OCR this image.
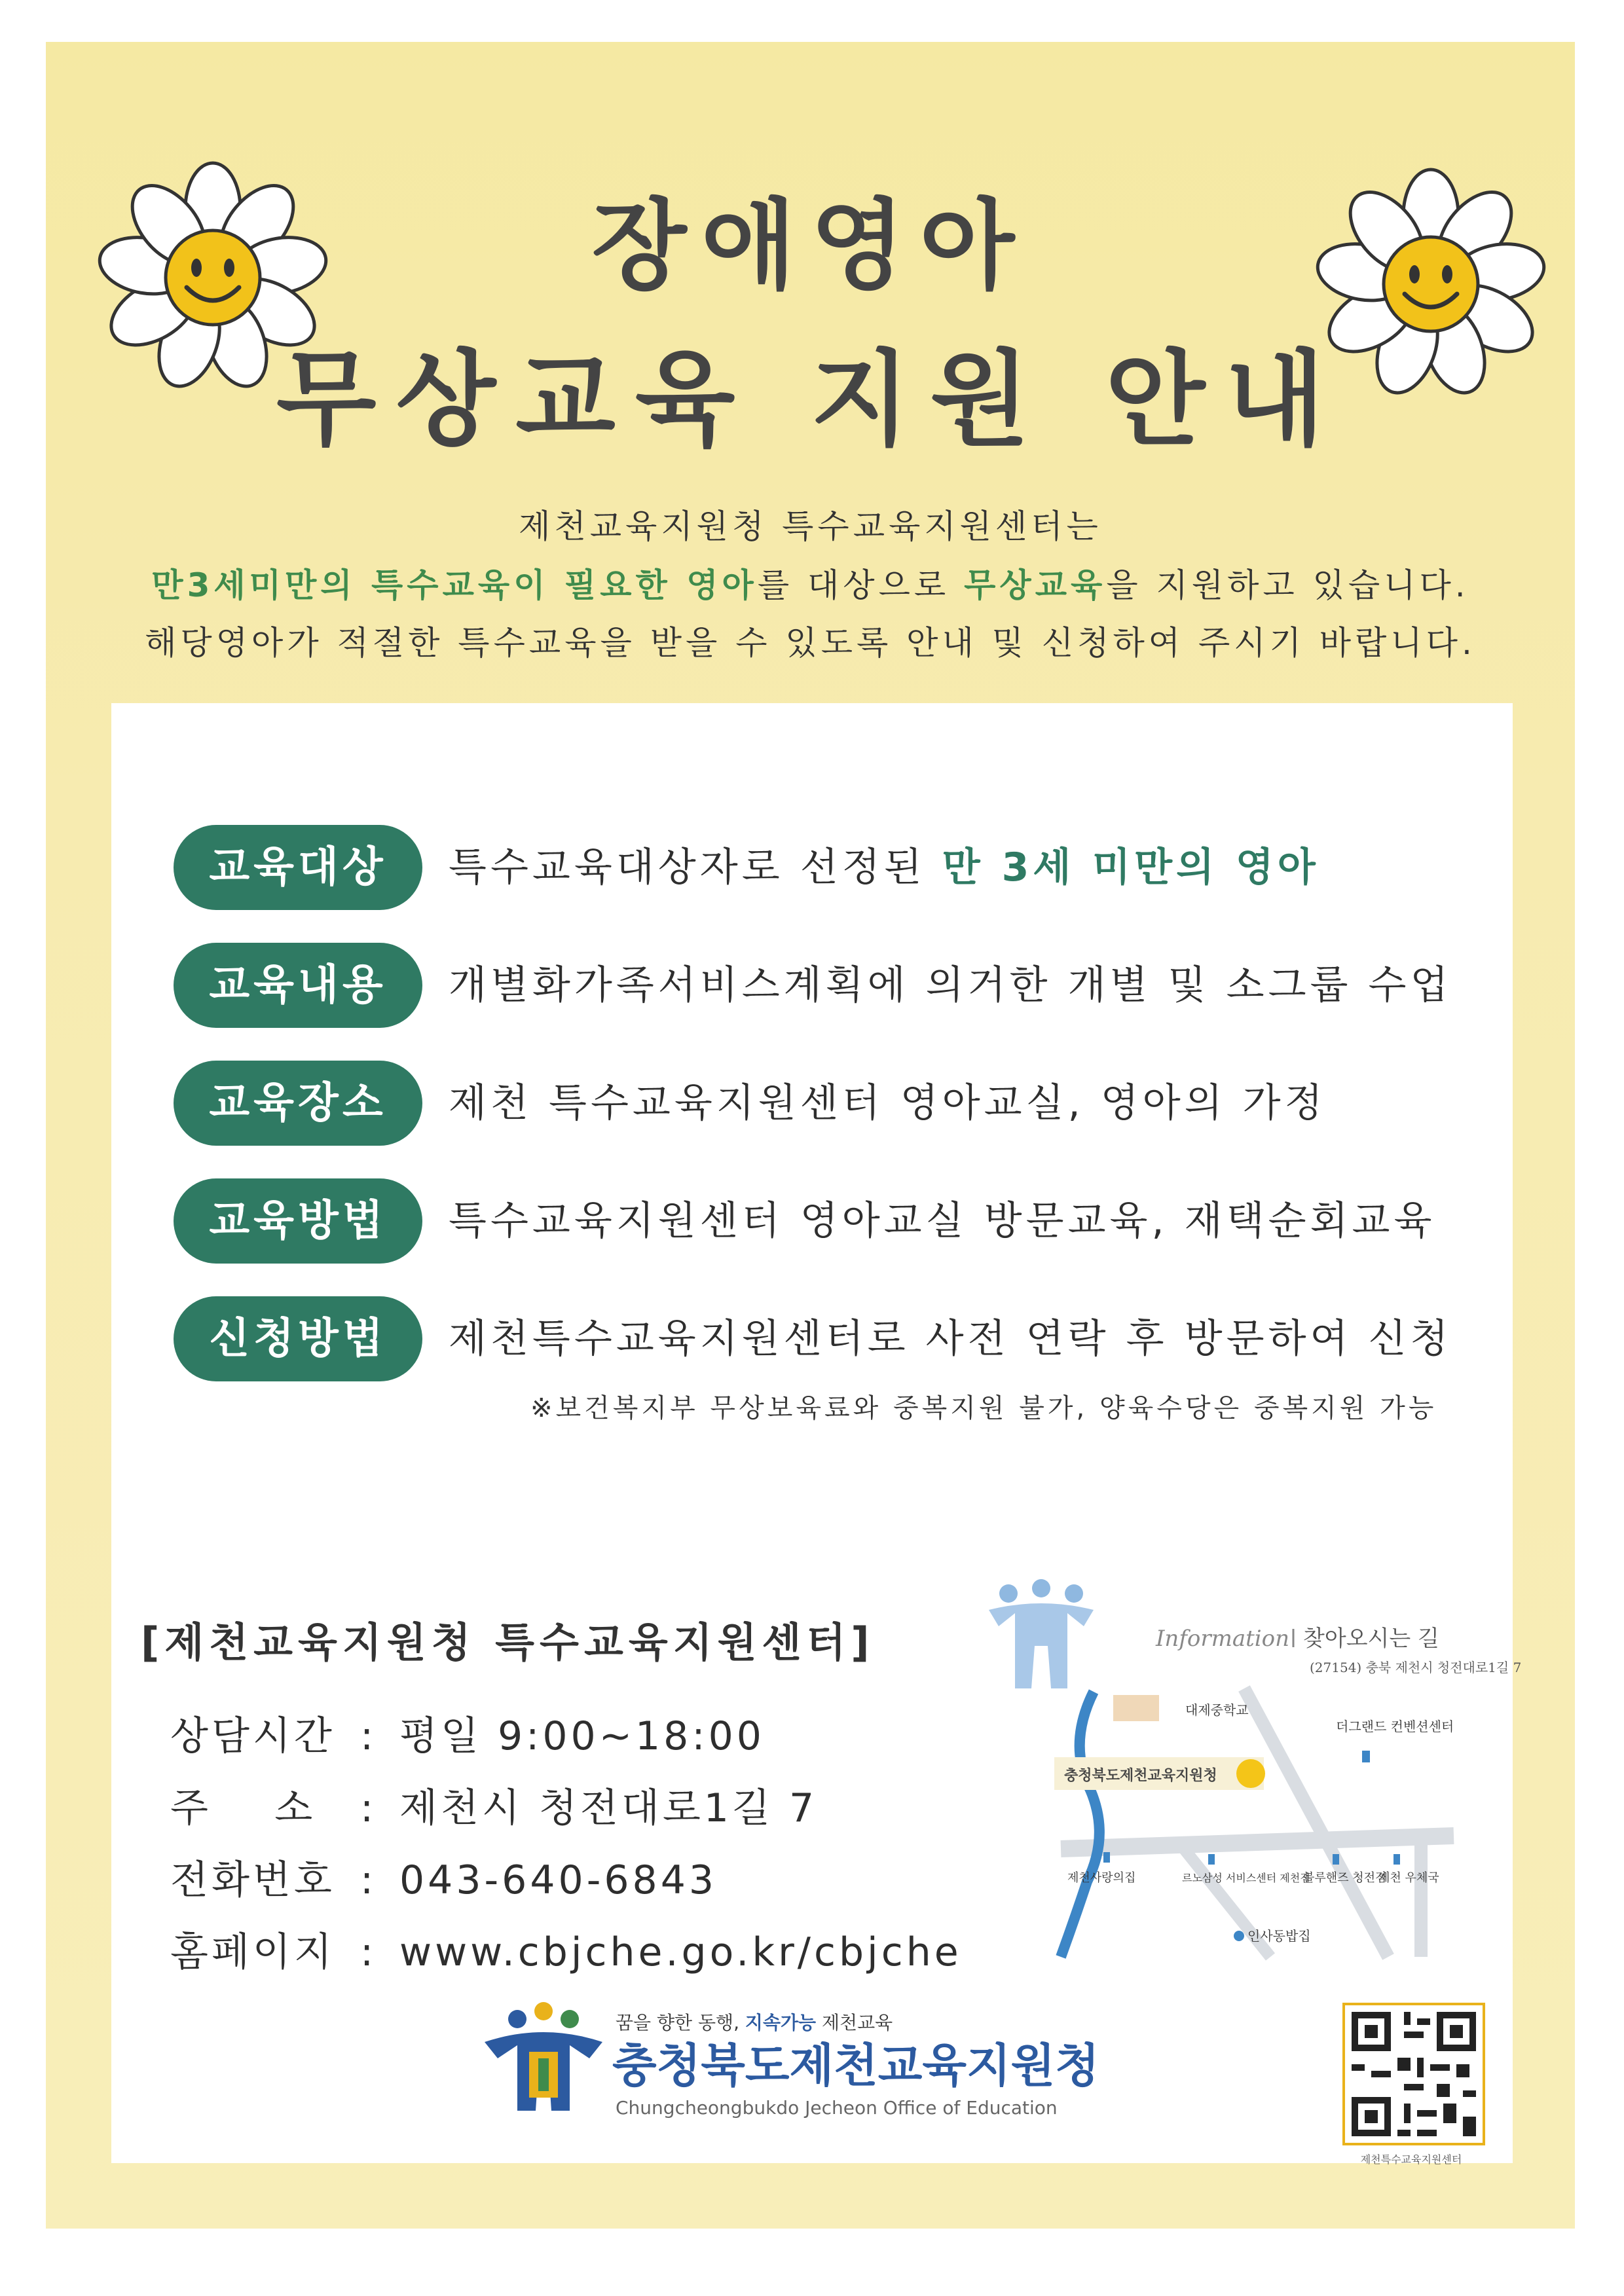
장애영아
무상교육 지원 안내
제천교육지원청 특수교육지원센터는
만3세미만의 특수교육이 필요한 영아를 대상으로 무상교육을 지원하고 있습니다.
해당영아가 적절한 특수교육을 받을 수 있도록 안내 및 신청하여 주시기 바랍니다.
교육대상	특수교육대상자로 선정된 만 3세 미만의 영아
교육내용	개별화가족서비스계획에 의거한 개별 및 소그룹 수업
교육장소	제천 특수교육지원센터 영아교실, 영아의 가정
교육방법	특수교육지원센터 영아교실 방문교육, 재택순회교육
신청방법	제천특수교육지원센터로 사전 연락 후 방문하여 신청
※보건복지부 무상보육료와 중복지원 불가, 양육수당은 중복지원 가능
Information 찾아오시는 길
(27154) 충북 제천시 청전대로1길 7
대제중학교
더그랜드 컨벤션센터
충청북도제천교육지원청
제천사랑의집	르노삼성 서비스센터 제천점
블루핸즈 청전점
제천 우체국
인사동밥집
[제천교육지원청 특수교육지원센터]
상담시간 : 평일 9:00~18:00
주    소 : 제천시 청전대로1길 7
전화번호 : 043-640-6843
홈페이지 : www.cbjche.go.kr/cbjche
꿈을 향한 동행, 지속가능 제천교육
충청북도제천교육지원청
Chungcheongbukdo Jecheon Office of Education
제천특수교육지원센터
